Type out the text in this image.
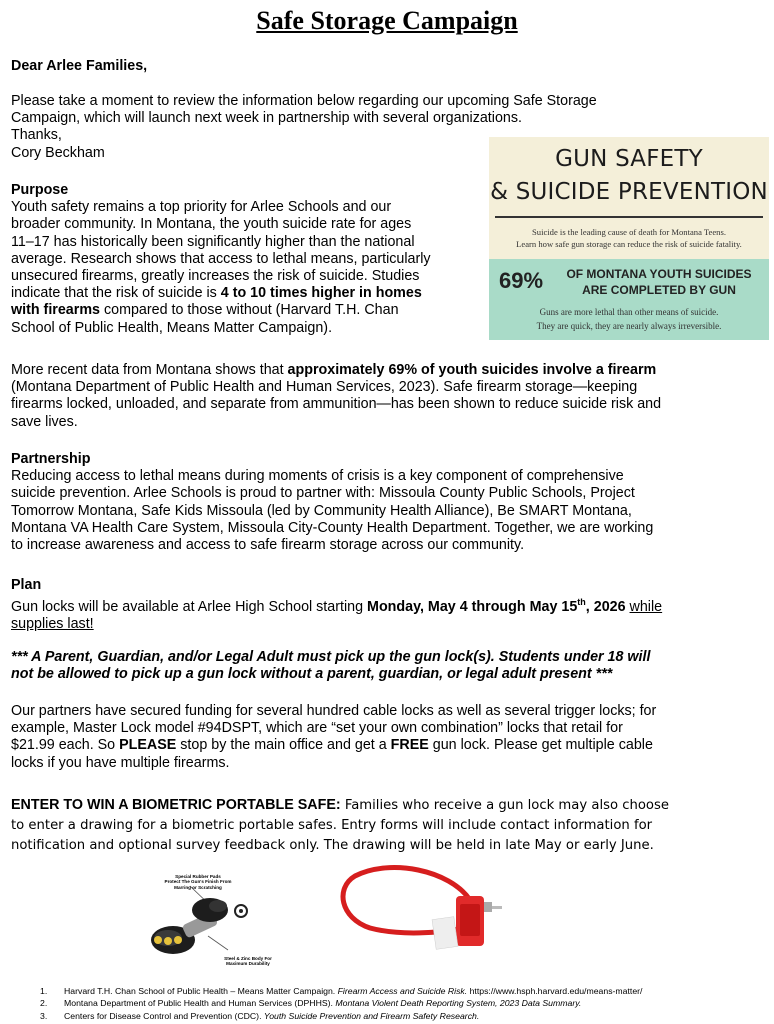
Safe Storage Campaign
Dear Arlee Families,
Please take a moment to review the information below regarding our upcoming Safe Storage
Campaign, which will launch next week in partnership with several organizations.
Thanks,
Cory Beckham
Purpose
Youth safety remains a top priority for Arlee Schools and our
broader community. In Montana, the youth suicide rate for ages
11–17 has historically been significantly higher than the national
average. Research shows that access to lethal means, particularly
unsecured firearms, greatly increases the risk of suicide. Studies
indicate that the risk of suicide is 4 to 10 times higher in homes
with firearms compared to those without (Harvard T.H. Chan
School of Public Health, Means Matter Campaign).
GUN SAFETY
& SUICIDE PREVENTION
Suicide is the leading cause of death for Montana Teens.
Learn how safe gun storage can reduce the risk of suicide fatality.
69%	OF MONTANA YOUTH SUICIDES
ARE COMPLETED BY GUN
Guns are more lethal than other means of suicide.
They are quick, they are nearly always irreversible.
More recent data from Montana shows that approximately 69% of youth suicides involve a firearm
(Montana Department of Public Health and Human Services, 2023). Safe firearm storage—keeping
firearms locked, unloaded, and separate from ammunition—has been shown to reduce suicide risk and
save lives.
Partnership
Reducing access to lethal means during moments of crisis is a key component of comprehensive
suicide prevention. Arlee Schools is proud to partner with: Missoula County Public Schools, Project
Tomorrow Montana, Safe Kids Missoula (led by Community Health Alliance), Be SMART Montana,
Montana VA Health Care System, Missoula City-County Health Department. Together, we are working
to increase awareness and access to safe firearm storage across our community.
Plan
Gun locks will be available at Arlee High School starting Monday, May 4 through May 15th, 2026 while
supplies last!
*** A Parent, Guardian, and/or Legal Adult must pick up the gun lock(s). Students under 18 will
not be allowed to pick up a gun lock without a parent, guardian, or legal adult present ***
Our partners have secured funding for several hundred cable locks as well as several trigger locks; for
example, Master Lock model #94DSPT, which are “set your own combination” locks that retail for
$21.99 each. So PLEASE stop by the main office and get a FREE gun lock. Please get multiple cable
locks if you have multiple firearms.
ENTER TO WIN A BIOMETRIC PORTABLE SAFE: Families who receive a gun lock may also choose
to enter a drawing for a biometric portable safes. Entry forms will include contact information for
notification and optional survey feedback only. The drawing will be held in late May or early June.
Special Rubber Pads
Protect The Gun's Finish From
Marring or Scratching
Steel & Zinc Body For
Maximum Durability
1. Harvard T.H. Chan School of Public Health – Means Matter Campaign. Firearm Access and Suicide Risk. https://www.hsph.harvard.edu/means-matter/
2. Montana Department of Public Health and Human Services (DPHHS). Montana Violent Death Reporting System, 2023 Data Summary.
3. Centers for Disease Control and Prevention (CDC). Youth Suicide Prevention and Firearm Safety Research.
